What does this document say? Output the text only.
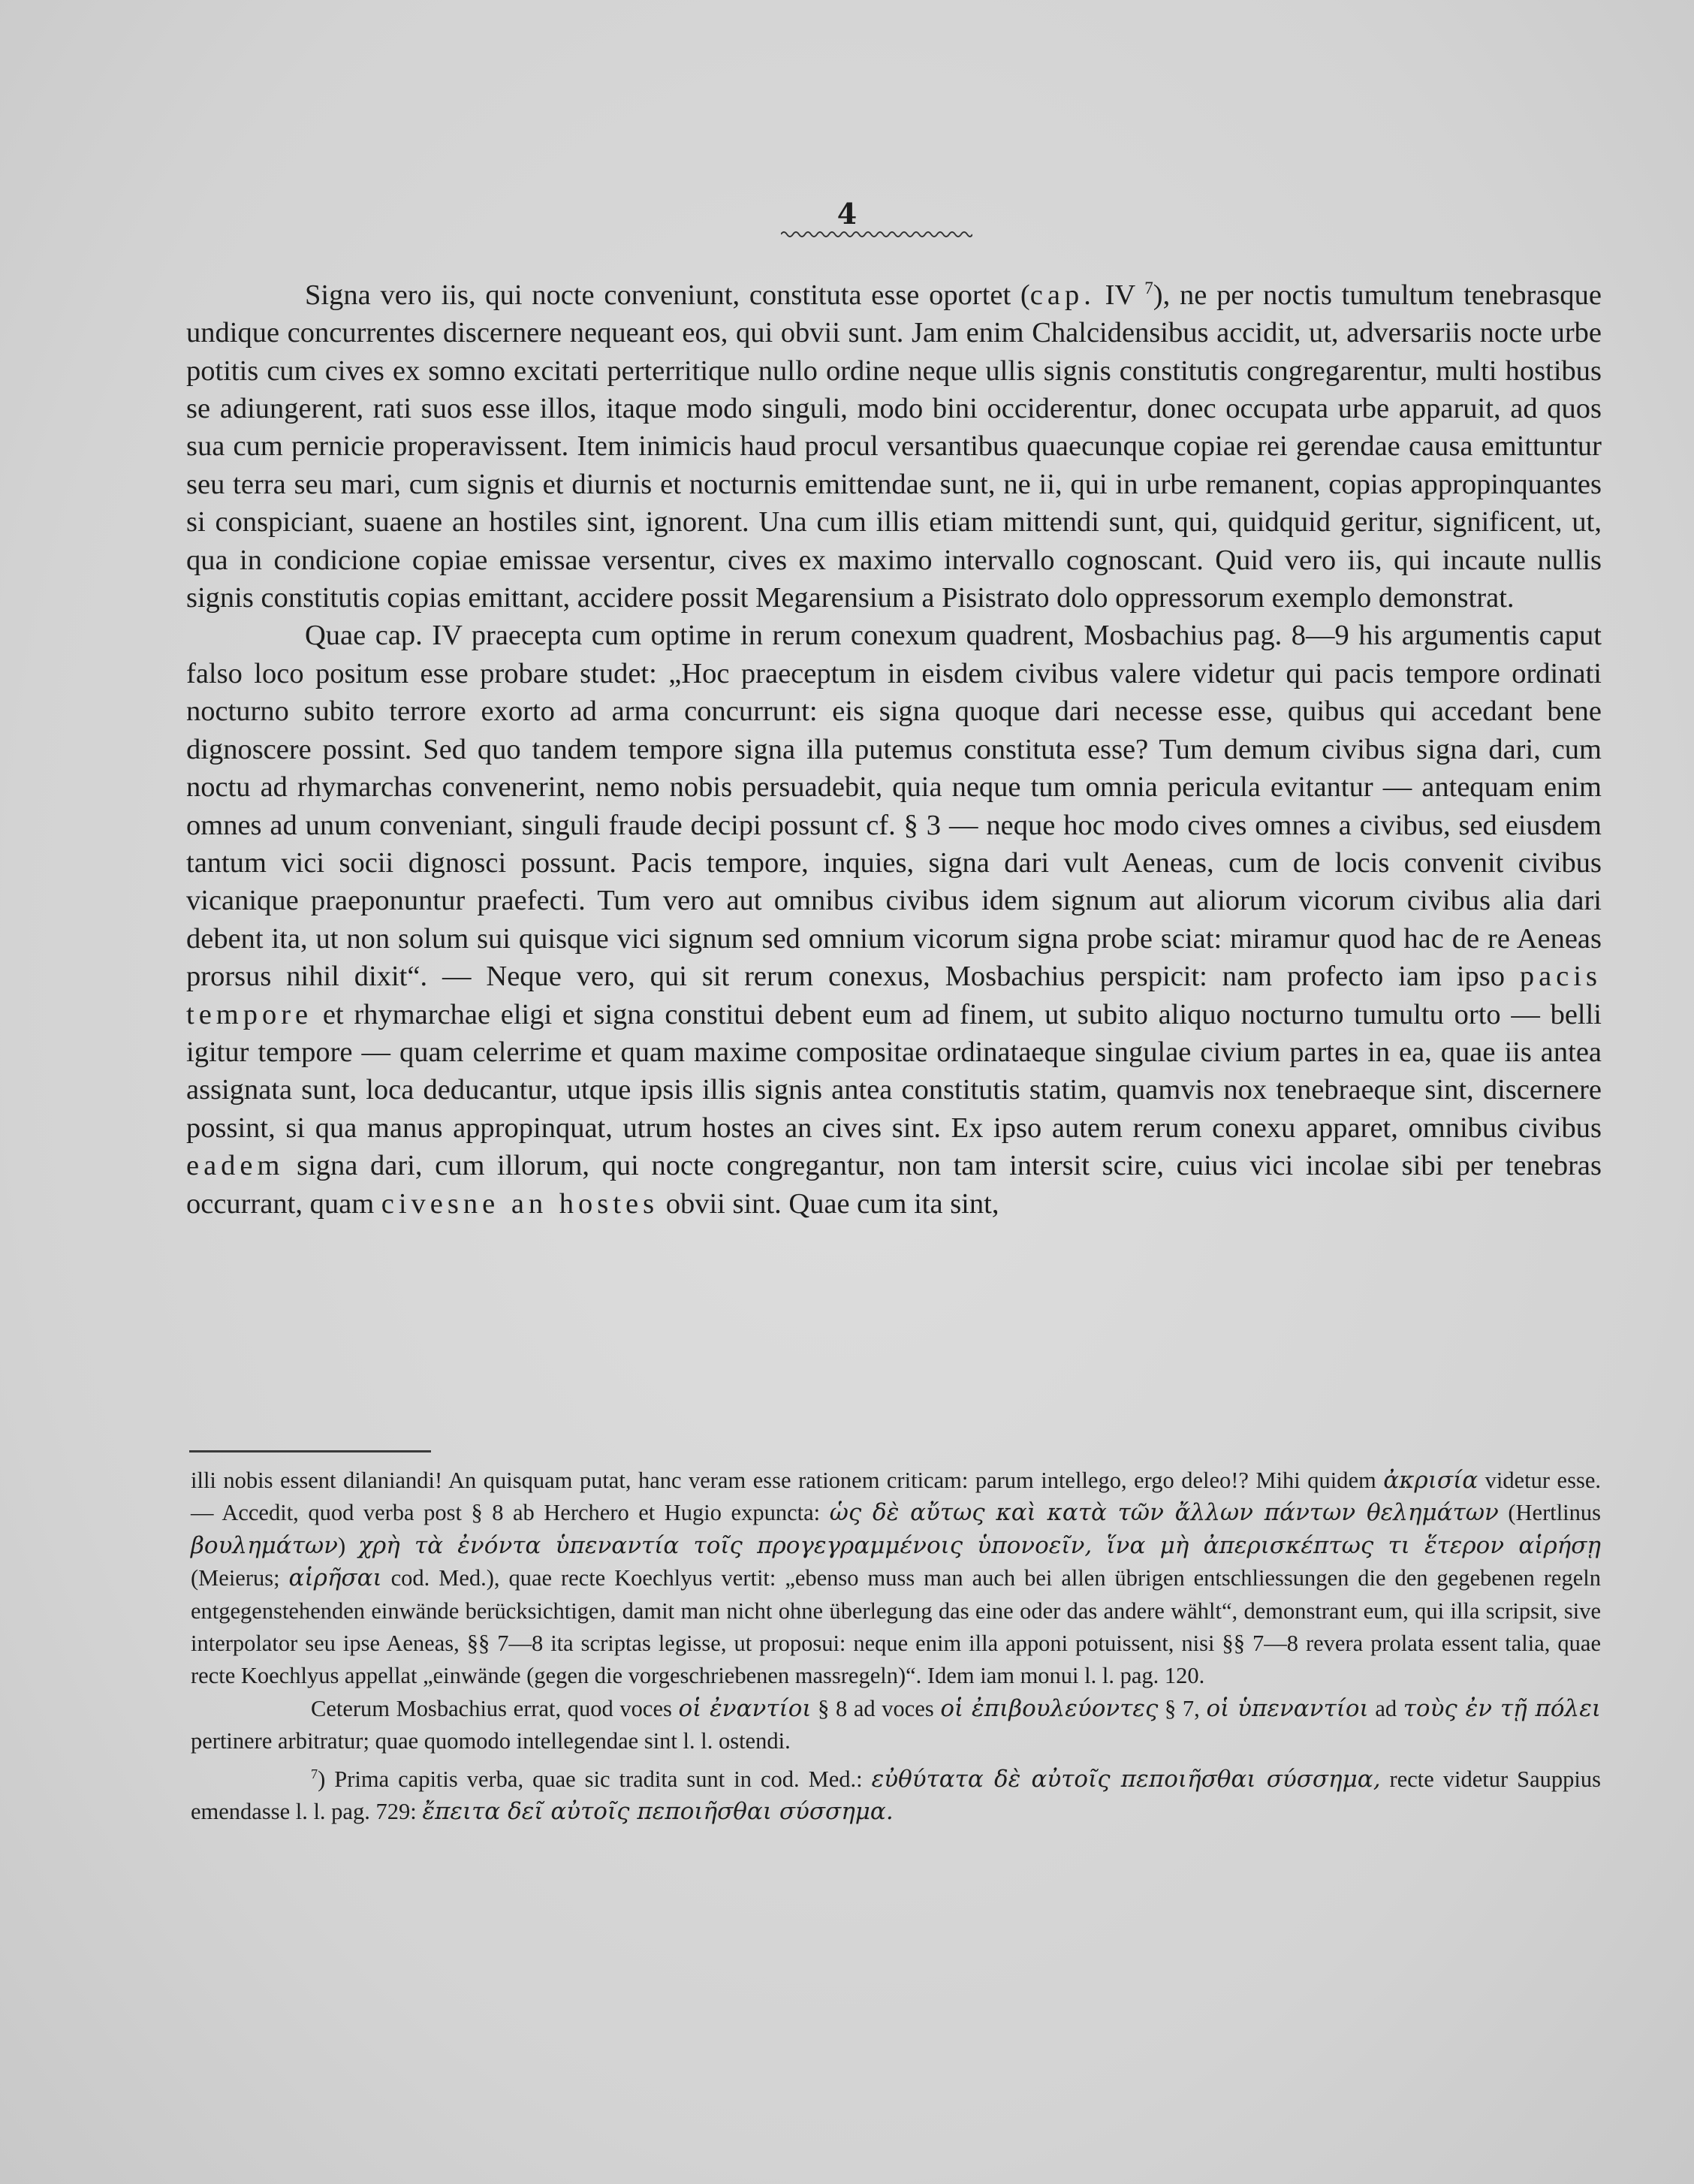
4

Signa vero iis, qui nocte conveniunt, constituta esse oportet (cap. IV $^7$), ne per noctis tumultum tenebrasque undique concurrentes discernere nequeant eos, qui obvii sunt. Jam enim Chalcidensibus accidit, ut, adversariis nocte urbe potitis cum cives ex somno excitati perterritique nullo ordine neque ullis signis constitutis congregarentur, multi hostibus se adiungerent, rati suos esse illos, itaque modo singuli, modo bini occiderentur, donec occupata urbe apparuit, ad quos sua cum pernicie properavissent. Item inimicis haud procul versantibus quaecunque copiae rei gerendae causa emittuntur seu terra seu mari, cum signis et diurnis et nocturnis emittendae sunt, ne ii, qui in urbe remanent, copias appropinquantes si conspiciant, suaene an hostiles sint, ignorent. Una cum illis etiam mittendi sunt, qui, quidquid geritur, significent, ut, qua in condicione copiae emissae versentur, cives ex maximo intervallo cognoscant. Quid vero iis, qui incaute nullis signis constitutis copias emittant, accidere possit Megarensium a Pisistrato dolo oppressorum exemplo demonstrat.

Quae cap. IV praecepta cum optime in rerum conexum quadrent, Mosbachius pag. 8—9 his argumentis caput falso loco positum esse probare studet: „Hoc praeceptum in eisdem civibus valere videtur qui pacis tempore ordinati nocturno subito terrore exorto ad arma concurrunt: eis signa quoque dari necesse esse, quibus qui accedant bene dignoscere possint. Sed quo tandem tempore signa illa putemus constituta esse? Tum demum civibus signa dari, cum noctu ad rhymarchas convenerint, nemo nobis persuadebit, quia neque tum omnia pericula evitantur — antequam enim omnes ad unum conveniant, singuli fraude decipi possunt cf. § 3 — neque hoc modo cives omnes a civibus, sed eiusdem tantum vici socii dignosci possunt. Pacis tempore, inquies, signa dari vult Aeneas, cum de locis convenit civibus vicanique praeponuntur praefecti. Tum vero aut omnibus civibus idem signum aut aliorum vicorum civibus alia dari debent ita, ut non solum sui quisque vici signum sed omnium vicorum signa probe sciat: miramur quod hac de re Aeneas prorsus nihil dixit“. — Neque vero, qui sit rerum conexus, Mosbachius perspicit: nam profecto iam ipso pacis tempore et rhymarchae eligi et signa constitui debent eum ad finem, ut subito aliquo nocturno tumultu orto — belli igitur tempore — quam celerrime et quam maxime compositae ordinataeque singulae civium partes in ea, quae iis antea assignata sunt, loca deducantur, utque ipsis illis signis antea constitutis statim, quamvis nox tenebraeque sint, discernere possint, si qua manus appropinquat, utrum hostes an cives sint. Ex ipso autem rerum conexu apparet, omnibus civibus eadem signa dari, cum illorum, qui nocte congregantur, non tam intersit scire, cuius vici incolae sibi per tenebras occurrant, quam civesne an hostes obvii sint. Quae cum ita sint,

illi nobis essent dilaniandi! An quisquam putat, hanc veram esse rationem criticam: parum intellego, ergo deleo!? Mihi quidem ἀκρισία videtur esse. — Accedit, quod verba post § 8 ab Herchero et Hugio expuncta: ὡς δὲ αὔτως καὶ κατὰ τῶν ἄλλων πάντων θελημάτων (Hertlinus βουλημάτων) χρὴ τὰ ἐνόντα ὑπεναντία τοῖς προγεγραμμένοις ὑπονοεῖν, ἵνα μὴ ἀπερισκέπτως τι ἕτερον αἱρήσῃ (Meierus; αἱρῆσαι cod. Med.), quae recte Koechlyus vertit: „ebenso muss man auch bei allen übrigen entschliessungen die den gegebenen regeln entgegenstehenden einwände berücksichtigen, damit man nicht ohne überlegung das eine oder das andere wählt“, demonstrant eum, qui illa scripsit, sive interpolator seu ipse Aeneas, §§ 7—8 ita scriptas legisse, ut proposui: neque enim illa apponi potuissent, nisi §§ 7—8 revera prolata essent talia, quae recte Koechlyus appellat „einwände (gegen die vorgeschriebenen massregeln)“. Idem iam monui l. l. pag. 120.

Ceterum Mosbachius errat, quod voces οἱ ἐναντίοι § 8 ad voces οἱ ἐπιβουλεύοντες § 7, οἱ ὑπεναντίοι ad τοὺς ἐν τῇ πόλει pertinere arbitratur; quae quomodo intellegendae sint l. l. ostendi.

$^7$) Prima capitis verba, quae sic tradita sunt in cod. Med.: εὐθύτατα δὲ αὐτοῖς πεποιῆσθαι σύσσημα, recte videtur Sauppius emendasse l. l. pag. 729: ἔπειτα δεῖ αὐτοῖς πεποιῆσθαι σύσσημα.
